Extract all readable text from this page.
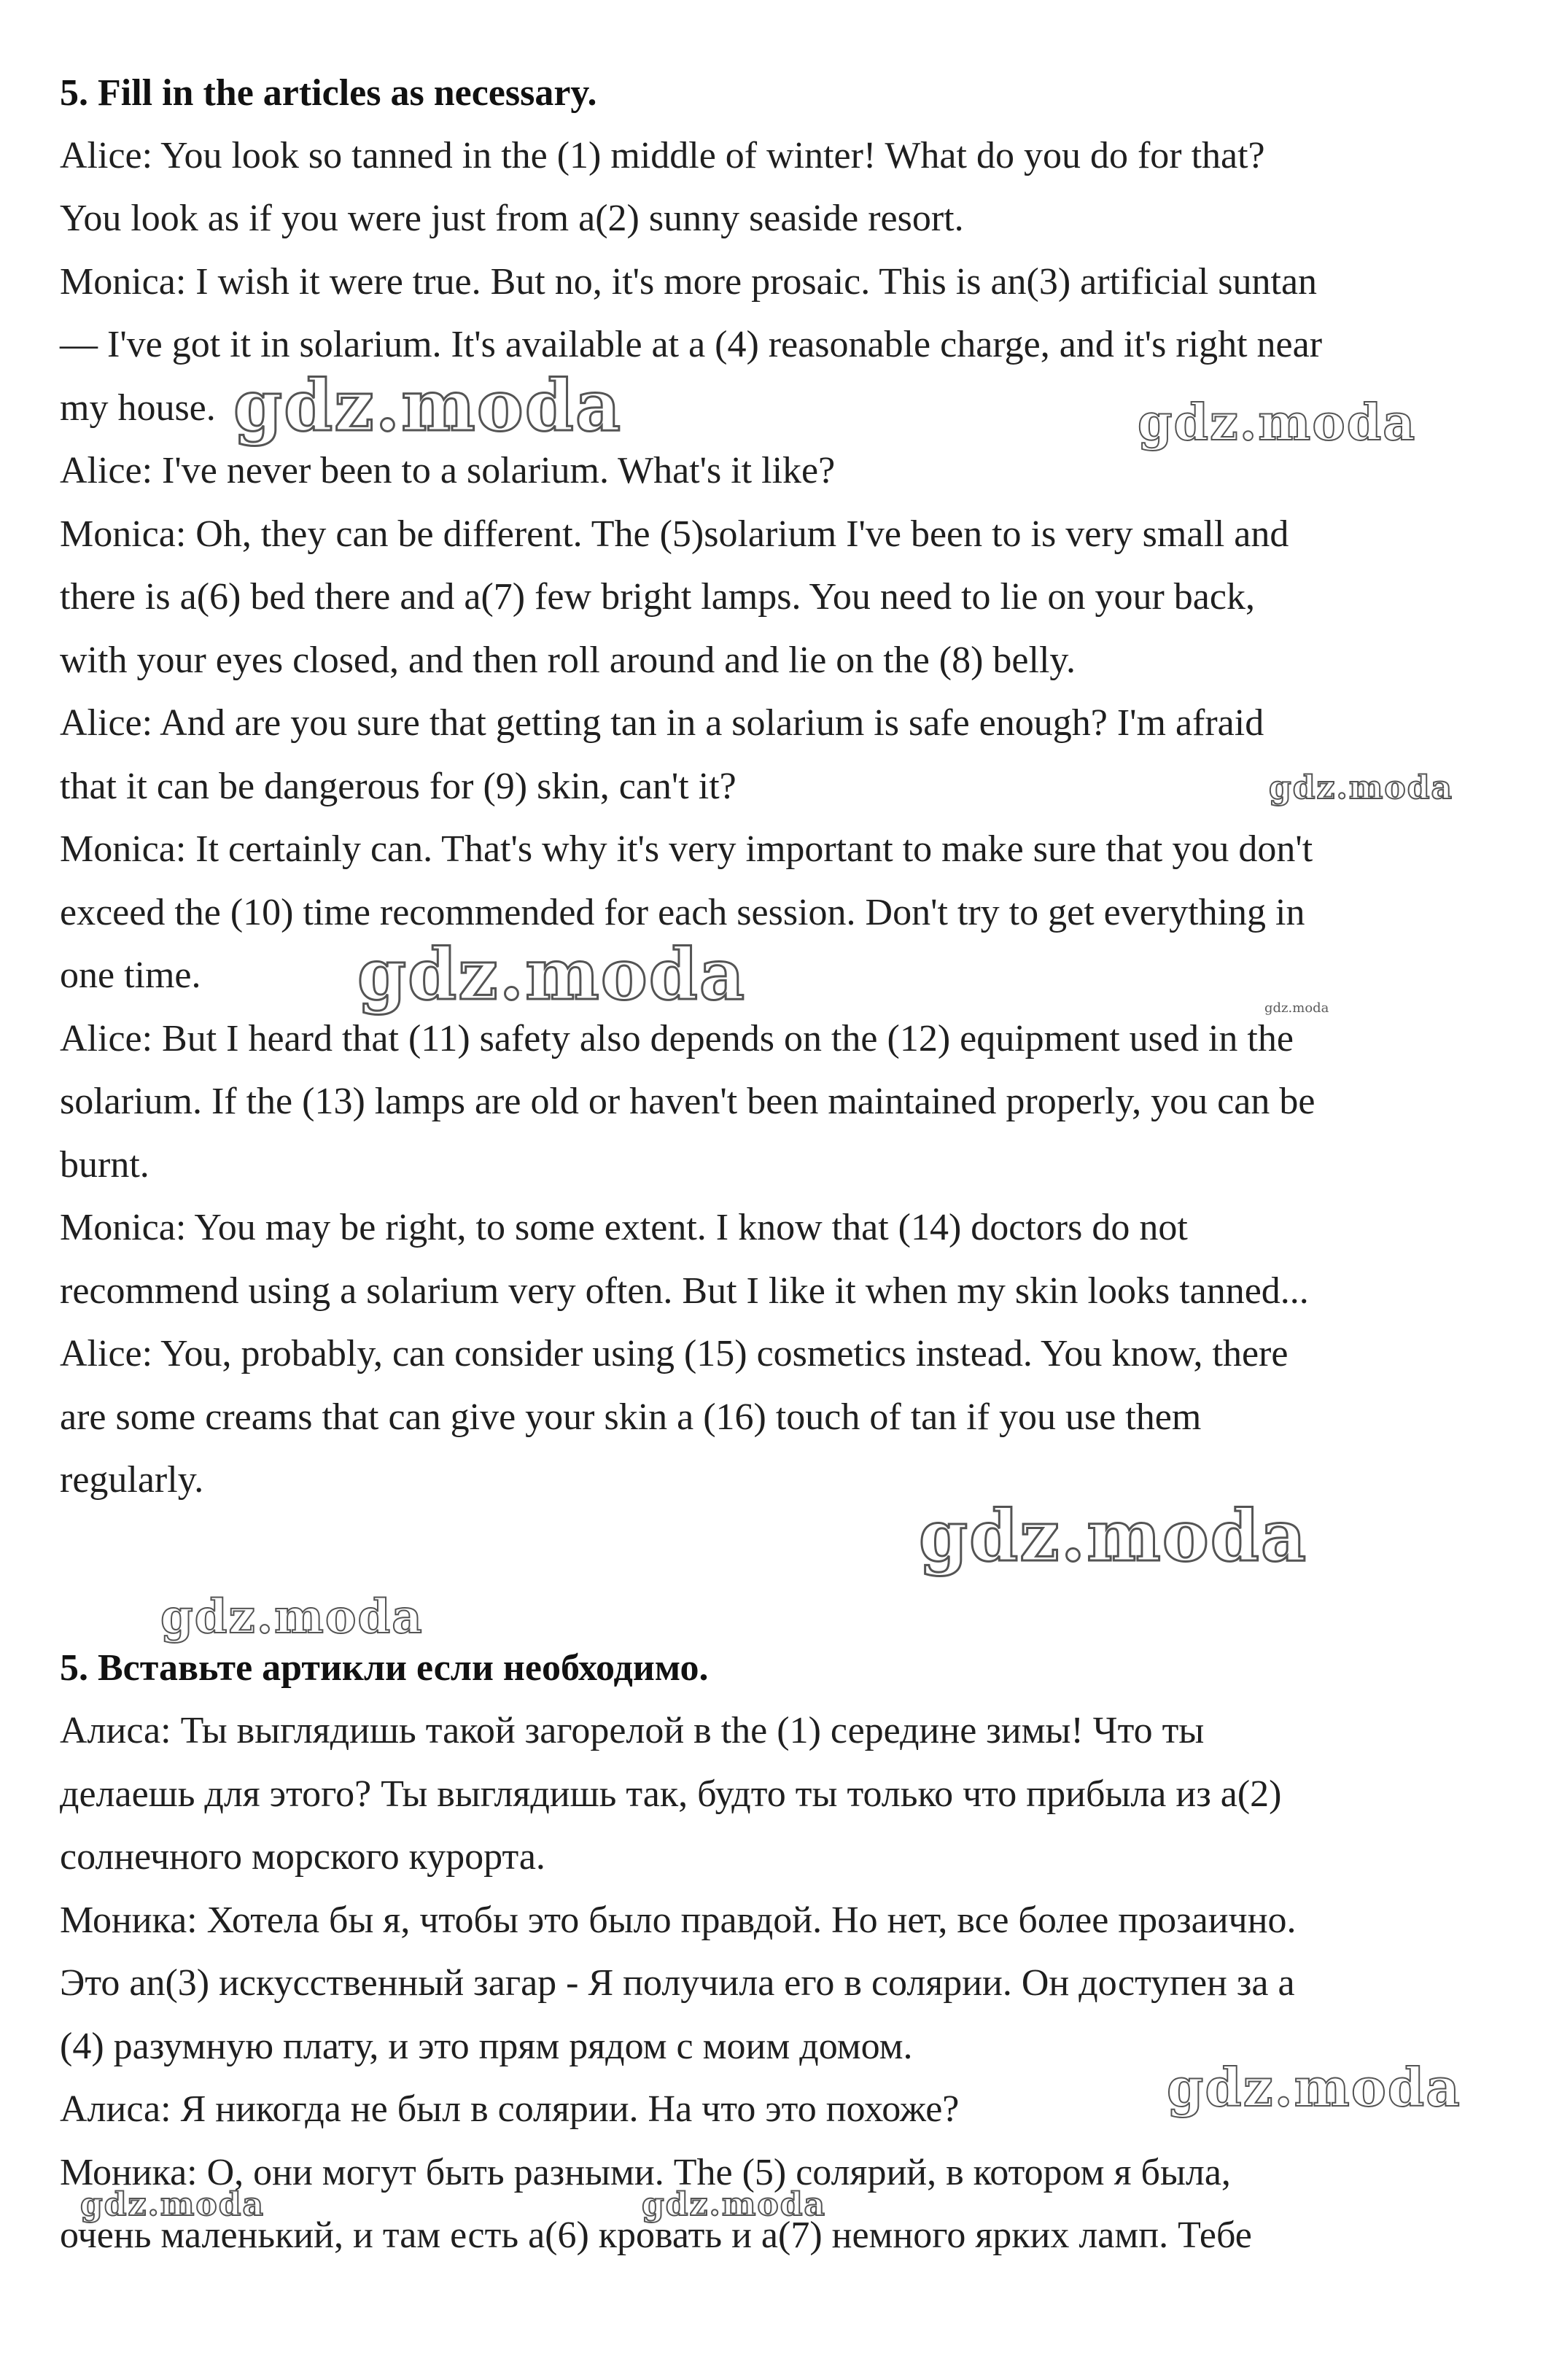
5. Fill in the articles as necessary.
Alice: You look so tanned in the (1) middle of winter! What do you do for that?
You look as if you were just from a(2) sunny seaside resort.
Monica: I wish it were true. But no, it's more prosaic. This is an(3) artificial suntan
— I've got it in solarium. It's available at a (4) reasonable charge, and it's right near
my house.
Alice: I've never been to a solarium. What's it like?
Monica: Oh, they can be different. The (5)solarium I've been to is very small and
there is a(6) bed there and a(7) few bright lamps. You need to lie on your back,
with your eyes closed, and then roll around and lie on the (8) belly.
Alice: And are you sure that getting tan in a solarium is safe enough? I'm afraid
that it can be dangerous for (9) skin, can't it?
Monica: It certainly can. That's why it's very important to make sure that you don't
exceed the (10) time recommended for each session. Don't try to get everything in
one time.
Alice: But I heard that (11) safety also depends on the (12) equipment used in the
solarium. If the (13) lamps are old or haven't been maintained properly, you can be
burnt.
Monica: You may be right, to some extent. I know that (14) doctors do not
recommend using a solarium very often. But I like it when my skin looks tanned...
Alice: You, probably, can consider using (15) cosmetics instead. You know, there
are some creams that can give your skin a (16) touch of tan if you use them
regularly.
5. Вставьте артикли если необходимо.
Алиса: Ты выглядишь такой загорелой в the (1) середине зимы! Что ты
делаешь для этого? Ты выглядишь так, будто ты только что прибыла из a(2)
солнечного морского курорта.
Моника: Хотела бы я, чтобы это было правдой. Но нет, все более прозаично.
Это an(3) искусственный загар - Я получила его в солярии. Он доступен за a
(4) разумную плату, и это прям рядом с моим домом.
Алиса: Я никогда не был в солярии. На что это похоже?
Моника: О, они могут быть разными. The (5) солярий, в котором я была,
очень маленький, и там есть a(6) кровать и a(7) немного ярких ламп. Тебе
gdz.moda	gdz.moda
gdz.moda
gdz.moda	gdz.moda
gdz.moda
gdz.moda
gdz.moda
gdz.moda	gdz.moda
